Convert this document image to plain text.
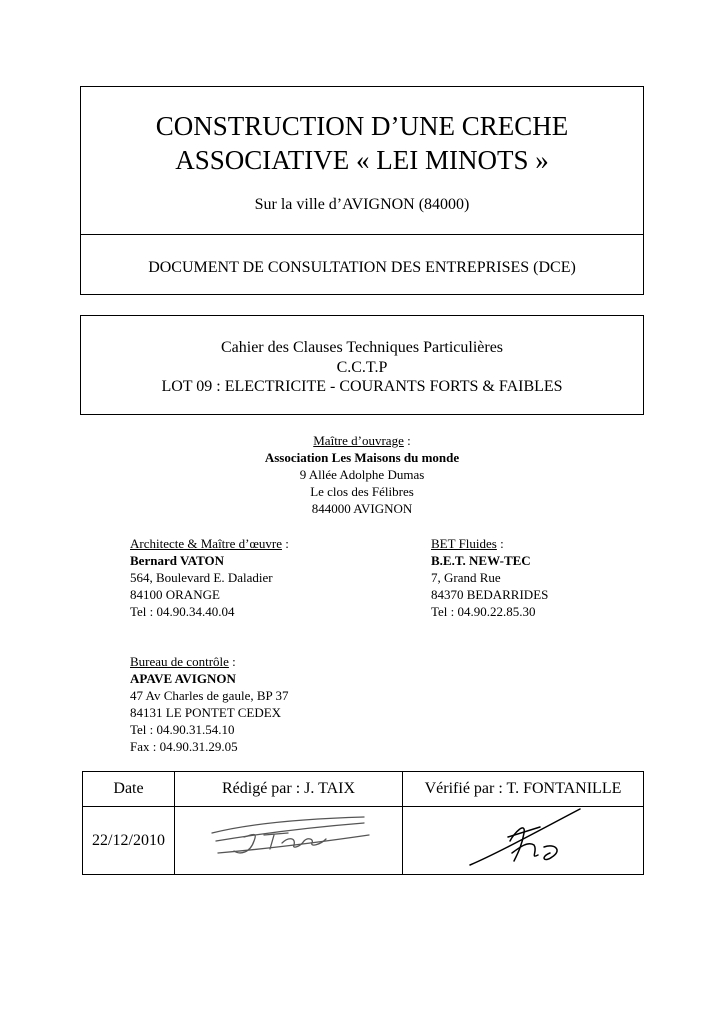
CONSTRUCTION D’UNE CRECHE
ASSOCIATIVE « LEI MINOTS »
Sur la ville d’AVIGNON (84000)
DOCUMENT DE CONSULTATION DES ENTREPRISES (DCE)
Cahier des Clauses Techniques Particulières
C.C.T.P
LOT 09 : ELECTRICITE - COURANTS FORTS & FAIBLES
Maître d’ouvrage :
Association Les Maisons du monde
9 Allée Adolphe Dumas
Le clos des Félibres
844000 AVIGNON
Architecte & Maître d’œuvre :
Bernard VATON
564, Boulevard E. Daladier
84100 ORANGE
Tel : 04.90.34.40.04
BET Fluides :
B.E.T. NEW-TEC
7, Grand Rue
84370 BEDARRIDES
Tel : 04.90.22.85.30
Bureau de contrôle :
APAVE AVIGNON
47 Av Charles de gaule, BP 37
84131 LE PONTET CEDEX
Tel : 04.90.31.54.10
Fax : 04.90.31.29.05
Date	Rédigé par : J. TAIX	Vérifié par : T. FONTANILLE
22/12/2010		
